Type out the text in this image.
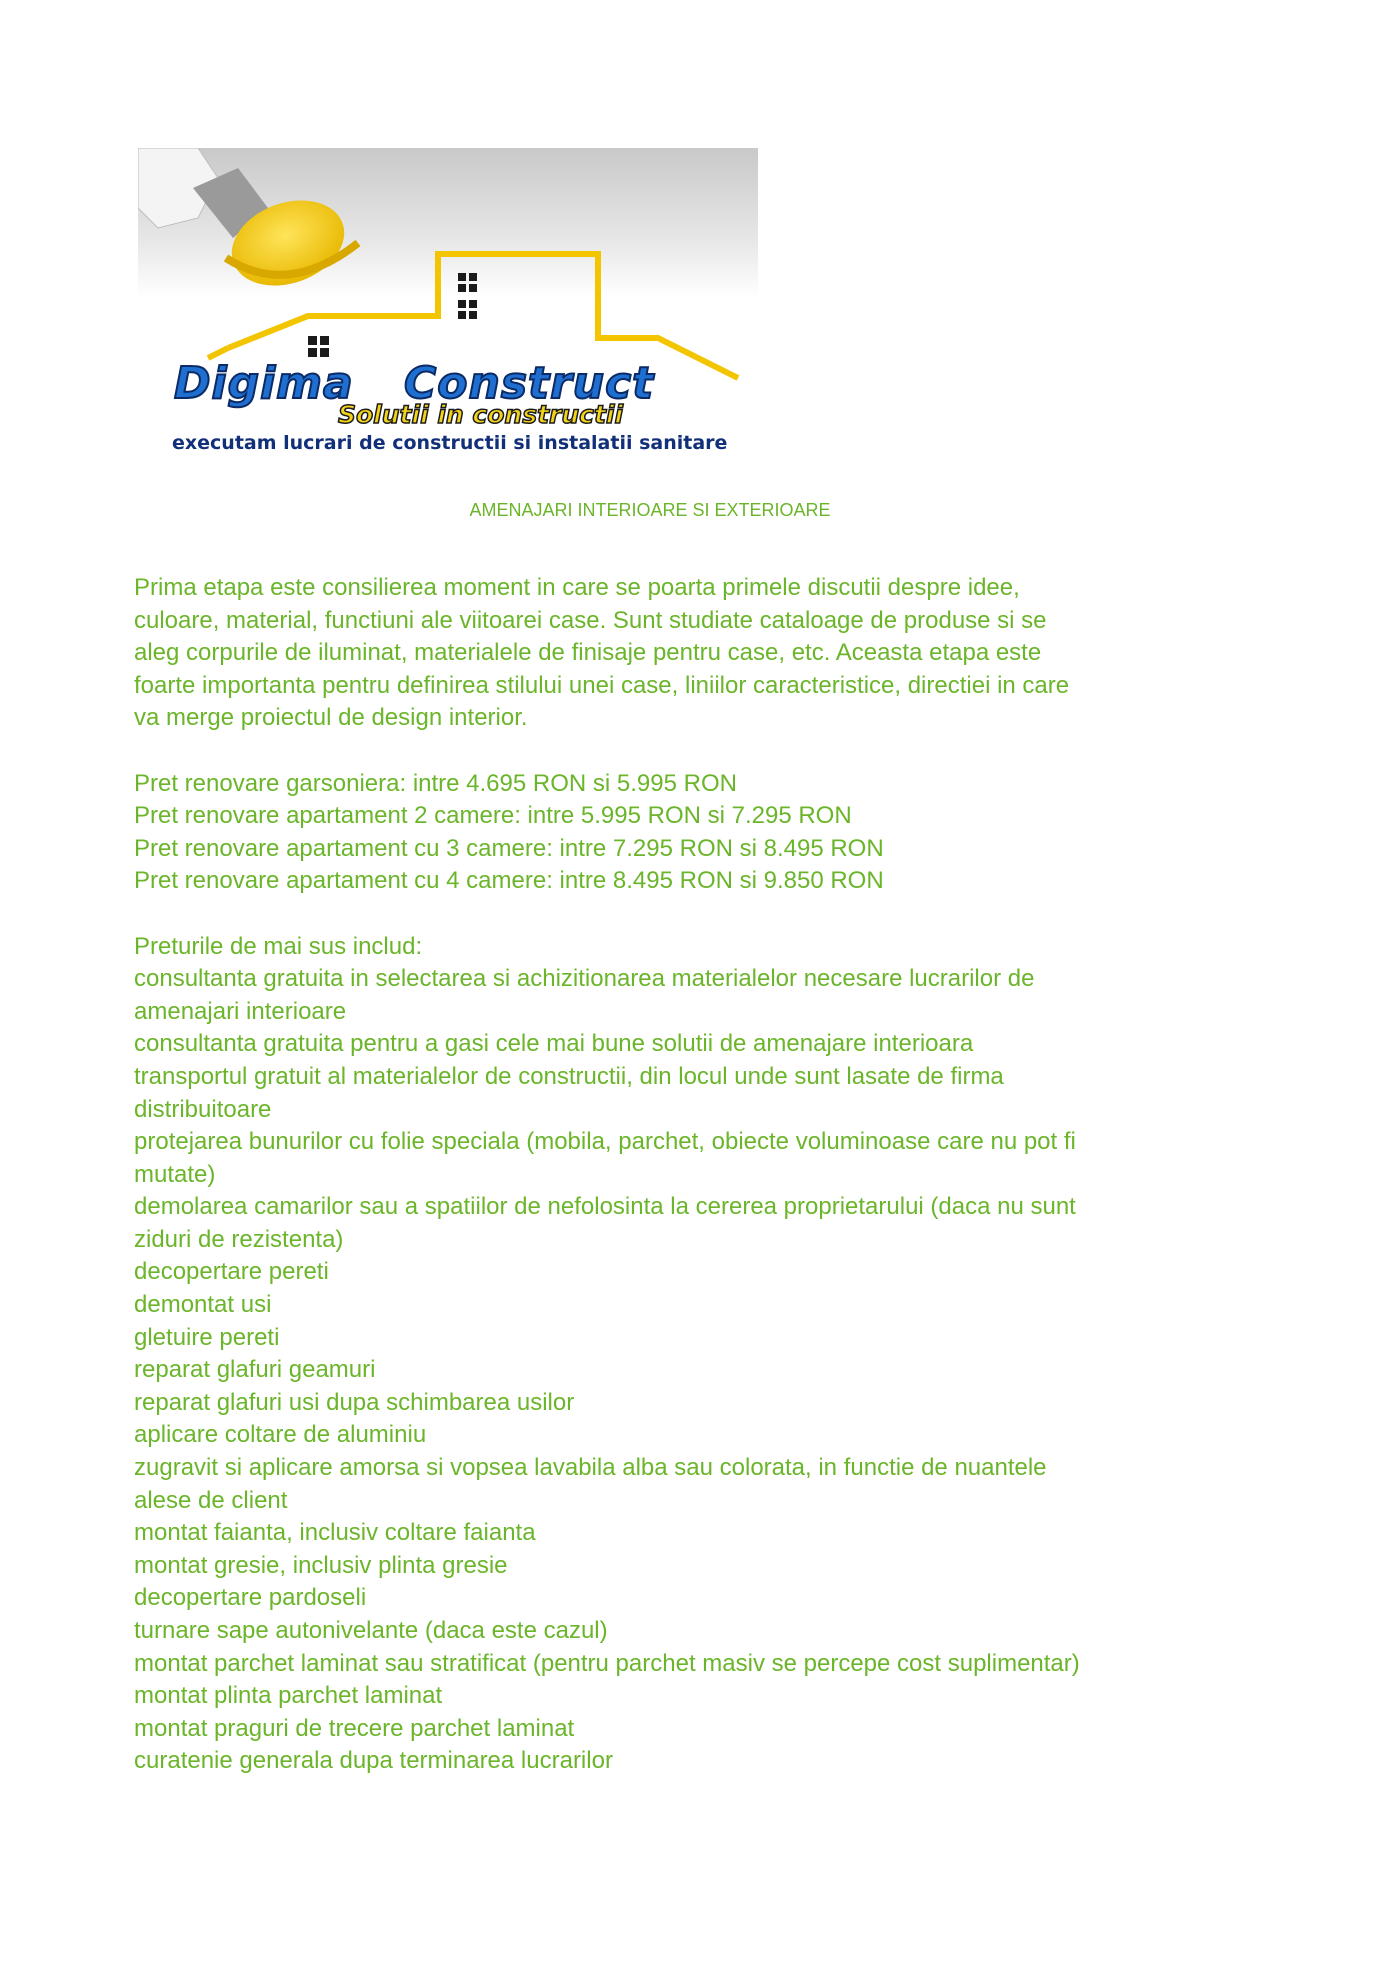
Digima Construct
Solutii in constructii
executam lucrari de constructii si instalatii sanitare
AMENAJARI INTERIOARE SI EXTERIOARE

Prima etapa este consilierea moment in care se poarta primele discutii despre idee,
culoare, material, functiuni ale viitoarei case. Sunt studiate cataloage de produse si se
aleg corpurile de iluminat, materialele de finisaje pentru case, etc. Aceasta etapa este
foarte importanta pentru definirea stilului unei case, liniilor caracteristice, directiei in care
va merge proiectul de design interior.

Pret renovare garsoniera: intre 4.695 RON si 5.995 RON
Pret renovare apartament 2 camere: intre 5.995 RON si 7.295 RON
Pret renovare apartament cu 3 camere: intre 7.295 RON si 8.495 RON
Pret renovare apartament cu 4 camere: intre 8.495 RON si 9.850 RON

Preturile de mai sus includ:
consultanta gratuita in selectarea si achizitionarea materialelor necesare lucrarilor de
amenajari interioare
consultanta gratuita pentru a gasi cele mai bune solutii de amenajare interioara
transportul gratuit al materialelor de constructii, din locul unde sunt lasate de firma
distribuitoare
protejarea bunurilor cu folie speciala (mobila, parchet, obiecte voluminoase care nu pot fi
mutate)
demolarea camarilor sau a spatiilor de nefolosinta la cererea proprietarului (daca nu sunt
ziduri de rezistenta)
decopertare pereti
demontat usi
gletuire pereti
reparat glafuri geamuri
reparat glafuri usi dupa schimbarea usilor
aplicare coltare de aluminiu
zugravit si aplicare amorsa si vopsea lavabila alba sau colorata, in functie de nuantele
alese de client
montat faianta, inclusiv coltare faianta
montat gresie, inclusiv plinta gresie
decopertare pardoseli
turnare sape autonivelante (daca este cazul)
montat parchet laminat sau stratificat (pentru parchet masiv se percepe cost suplimentar)
montat plinta parchet laminat
montat praguri de trecere parchet laminat
curatenie generala dupa terminarea lucrarilor
